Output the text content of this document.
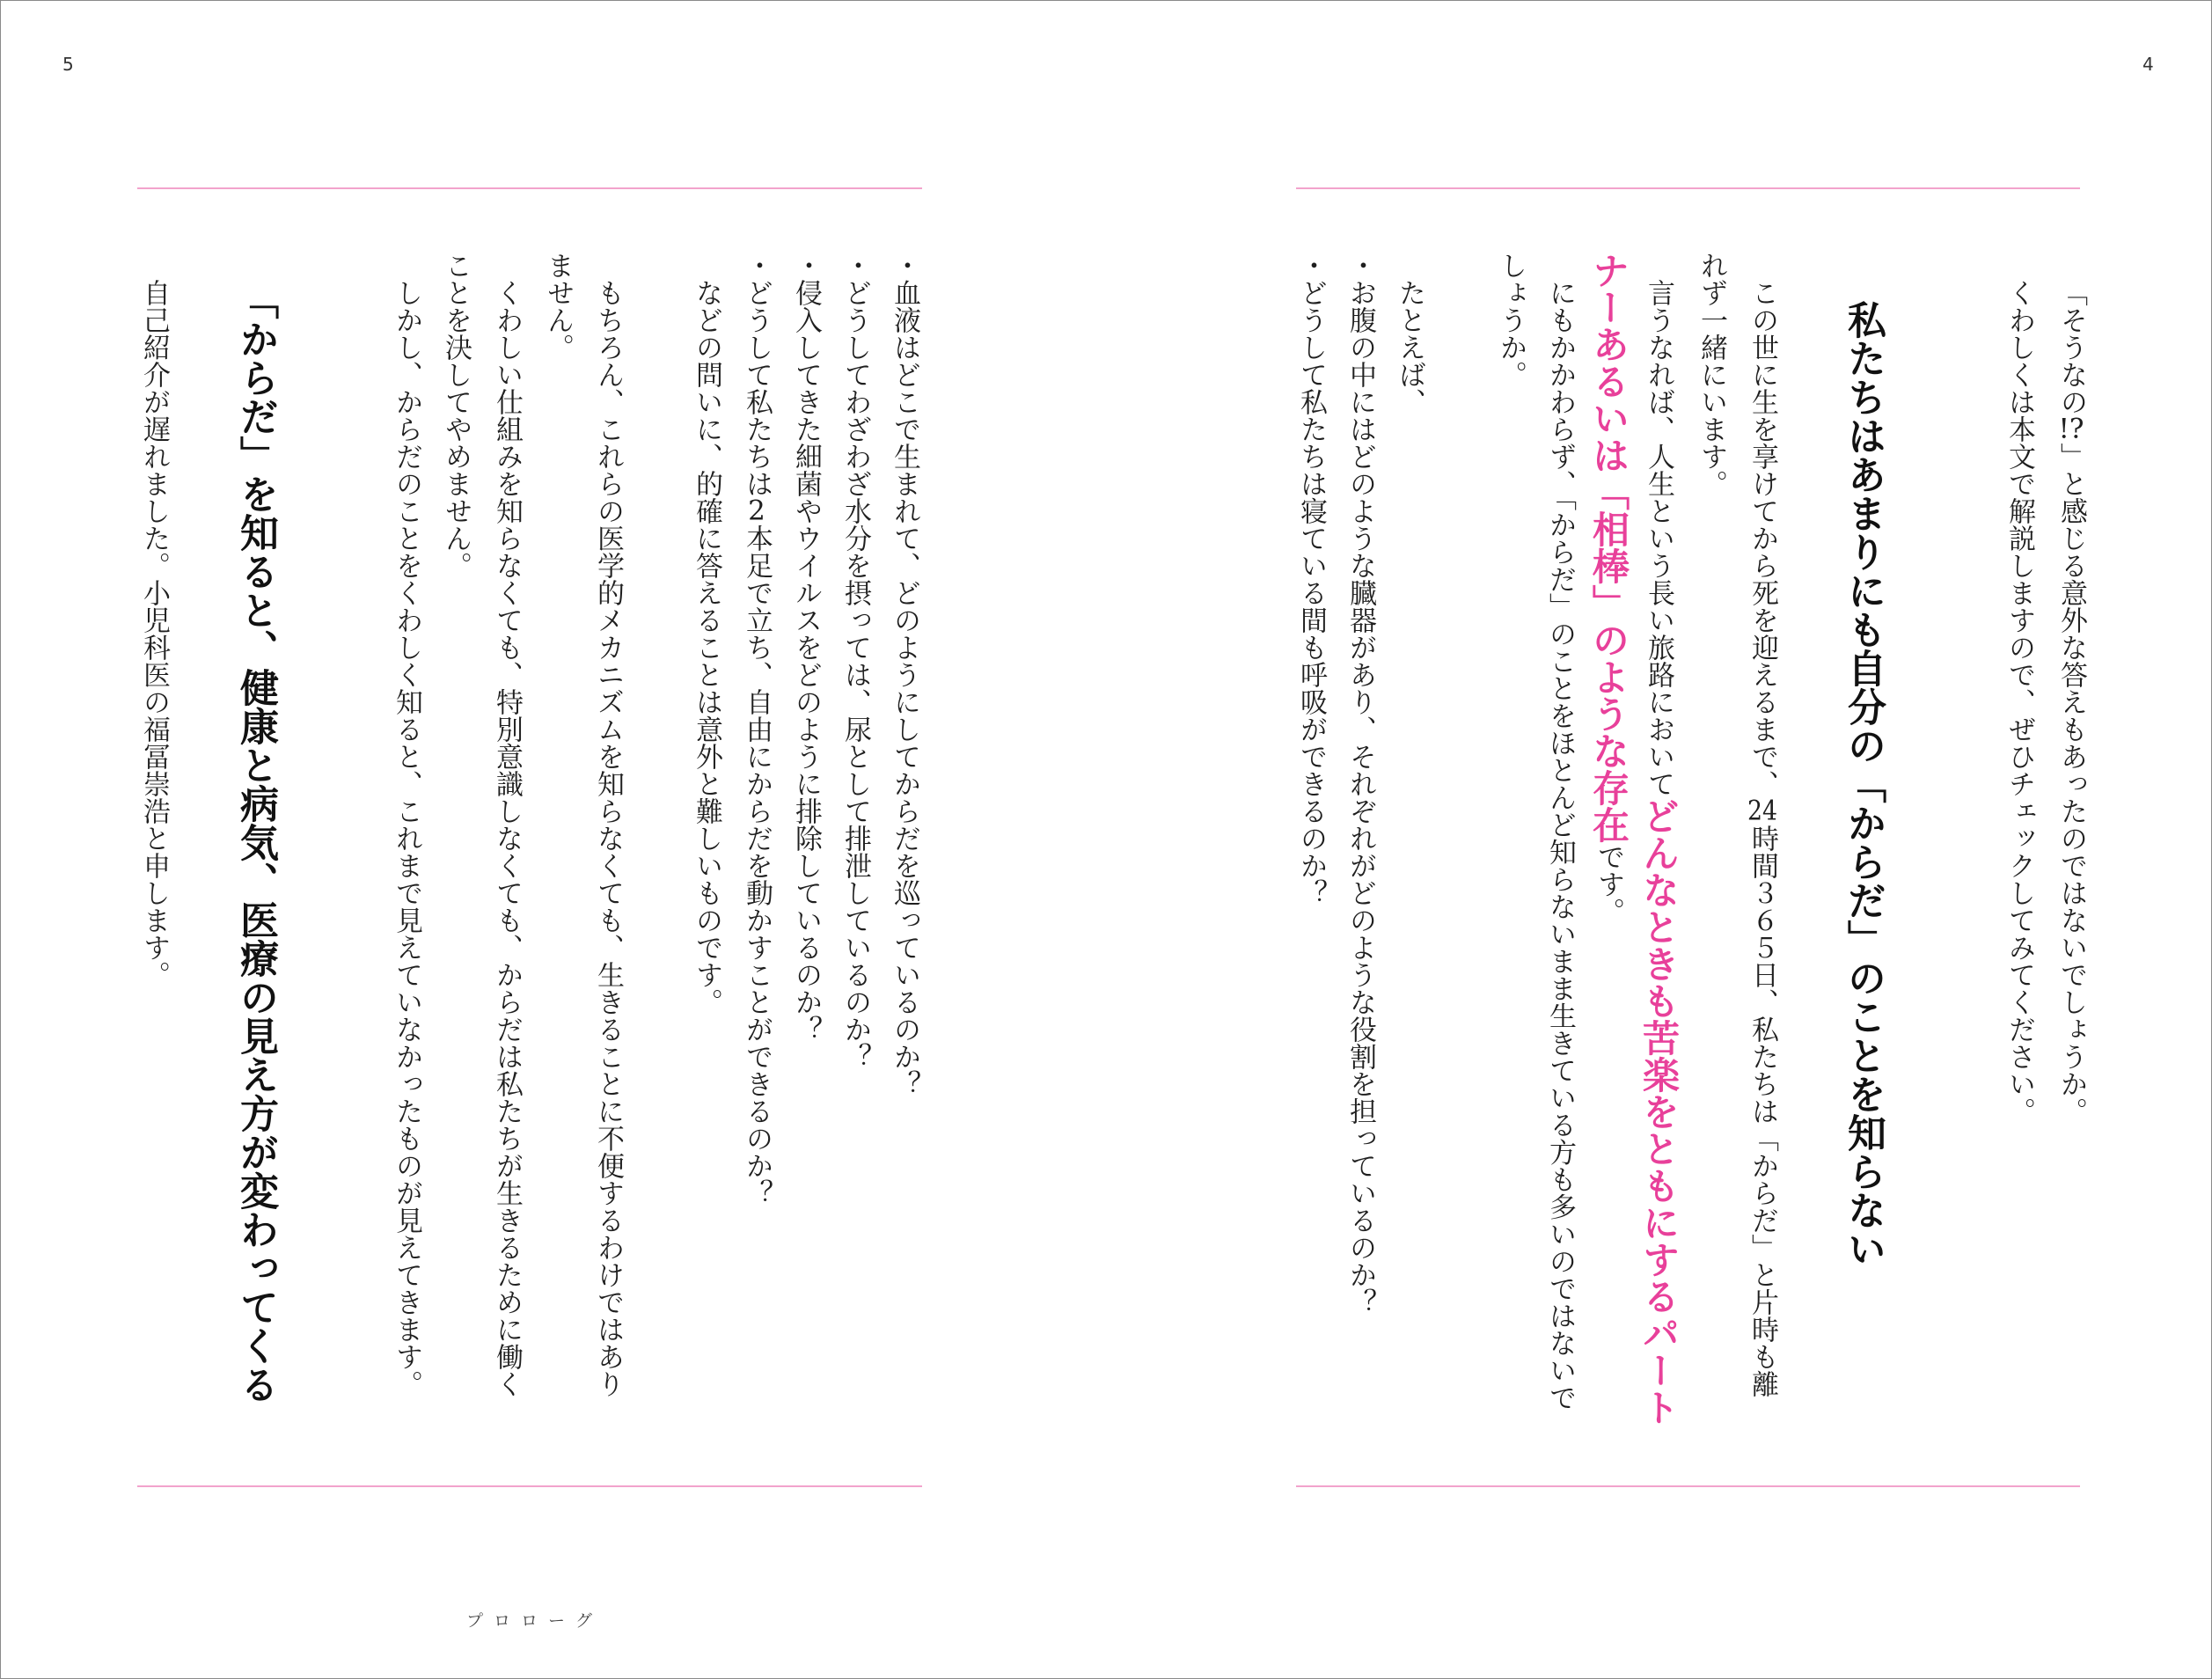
5	4
「そうなの!?」と感じる意外な答えもあったのではないでしょうか。
くわしくは本文で解説しますので、ぜひチェックしてみてください。
私たちはあまりにも自分の「からだ」のことを知らない
この世に生を享けてから死を迎えるまで、24時間３６５日、私たちは「からだ」と片時も離
れず一緒にいます。
言うなれば、人生という長い旅路においてどんなときも苦楽をともにするパート
ナーあるいは「相棒」のような存在です。
にもかかわらず、「からだ」のことをほとんど知らないまま生きている方も多いのではないで
しょうか。
たとえば、
・お腹の中にはどのような臓器があり、それぞれがどのような役割を担っているのか？
・どうして私たちは寝ている間も呼吸ができるのか？
・血液はどこで生まれて、どのようにしてからだを巡っているのか？
・どうしてわざわざ水分を摂っては、尿として排泄しているのか？
・侵入してきた細菌やウイルスをどのように排除しているのか？
・どうして私たちは2本足で立ち、自由にからだを動かすことができるのか？
などの問いに、的確に答えることは意外と難しいものです。
もちろん、これらの医学的メカニズムを知らなくても、生きることに不便するわけではあり
ません。
くわしい仕組みを知らなくても、特別意識しなくても、からだは私たちが生きるために働く
ことを決してやめません。
しかし、からだのことをくわしく知ると、これまで見えていなかったものが見えてきます。
「からだ」を知ると、健康と病気、医療の見え方が変わってくる
自己紹介が遅れました。小児科医の福冨崇浩と申します。
プロローグ
